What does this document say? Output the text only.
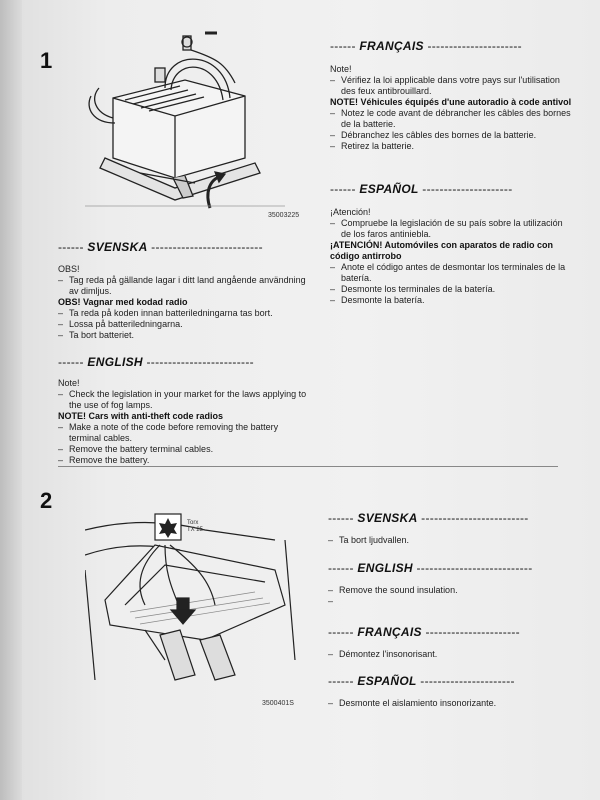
1
35003225
------ SVENSKA --------------------------

OBS!

– Tag reda på gällande lagar i ditt land angående användning av dimljus.

OBS! Vagnar med kodad radio

– Ta reda på koden innan batteriledningarna tas bort.
– Lossa på batteriledningarna.
– Ta bort batteriet.
------ ENGLISH -------------------------

Note!

– Check the legislation in your market for the laws applying to the use of fog lamps.

NOTE! Cars with anti-theft code radios

– Make a note of the code before removing the battery terminal cables.
– Remove the battery terminal cables.
– Remove the battery.
------ FRANÇAIS ----------------------

Note!

– Vérifiez la loi applicable dans votre pays sur l'utilisation des feux antibrouillard.

NOTE! Véhicules équipés d'une autoradio à code antivol

– Notez le code avant de débrancher les câbles des bornes de la batterie.
– Débranchez les câbles des bornes de la batterie.
– Retirez la batterie.
------ ESPAÑOL ---------------------

¡Atención!

– Compruebe la legislación de su país sobre la utilización de los faros antiniebla.

¡ATENCIÓN! Automóviles con aparatos de radio con código antirrobo

– Anote el código antes de desmontar los terminales de la batería.
– Desmonte los terminales de la batería.
– Desmonte la batería.
2
Torx
TX 25
3500401S
------ SVENSKA -------------------------
– Ta bort ljudvallen.
------ ENGLISH ---------------------------
– Remove the sound insulation.
------ FRANÇAIS ----------------------
– Démontez l'insonorisant.
------ ESPAÑOL ----------------------
– Desmonte el aislamiento insonorizante.
